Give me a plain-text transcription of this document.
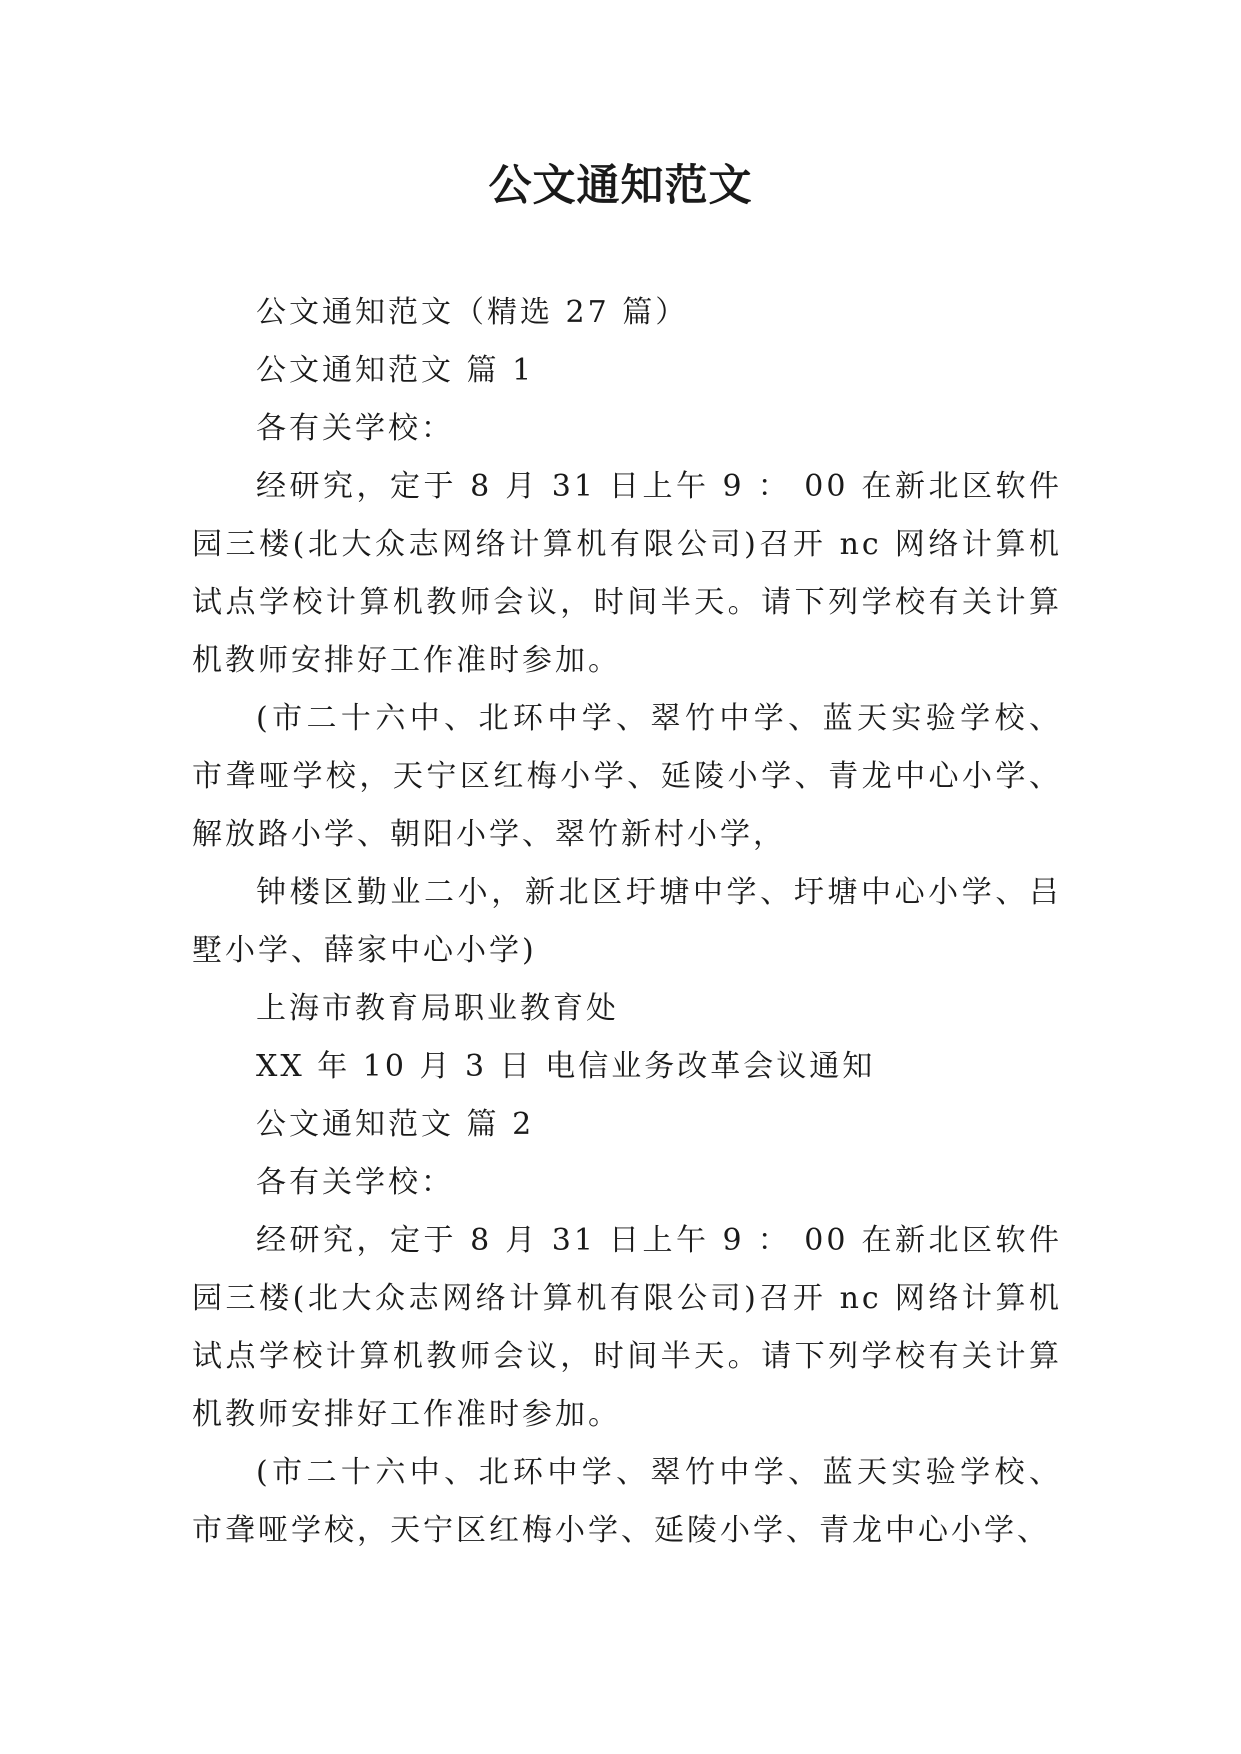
公文通知范文

公文通知范文（精选 27 篇）

公文通知范文 篇 1

各有关学校：

经研究，定于 8 月 31 日上午 9 ： 00 在新北区软件园三楼(北大众志网络计算机有限公司)召开 nc 网络计算机试点学校计算机教师会议，时间半天。请下列学校有关计算机教师安排好工作准时参加。

(市二十六中、北环中学、翠竹中学、蓝天实验学校、市聋哑学校，天宁区红梅小学、延陵小学、青龙中心小学、解放路小学、朝阳小学、翠竹新村小学，

钟楼区勤业二小，新北区圩塘中学、圩塘中心小学、吕墅小学、薛家中心小学)

上海市教育局职业教育处

XX 年 10 月 3 日 电信业务改革会议通知

公文通知范文 篇 2

各有关学校：

经研究，定于 8 月 31 日上午 9 ： 00 在新北区软件园三楼(北大众志网络计算机有限公司)召开 nc 网络计算机试点学校计算机教师会议，时间半天。请下列学校有关计算机教师安排好工作准时参加。

(市二十六中、北环中学、翠竹中学、蓝天实验学校、市聋哑学校，天宁区红梅小学、延陵小学、青龙中心小学、
